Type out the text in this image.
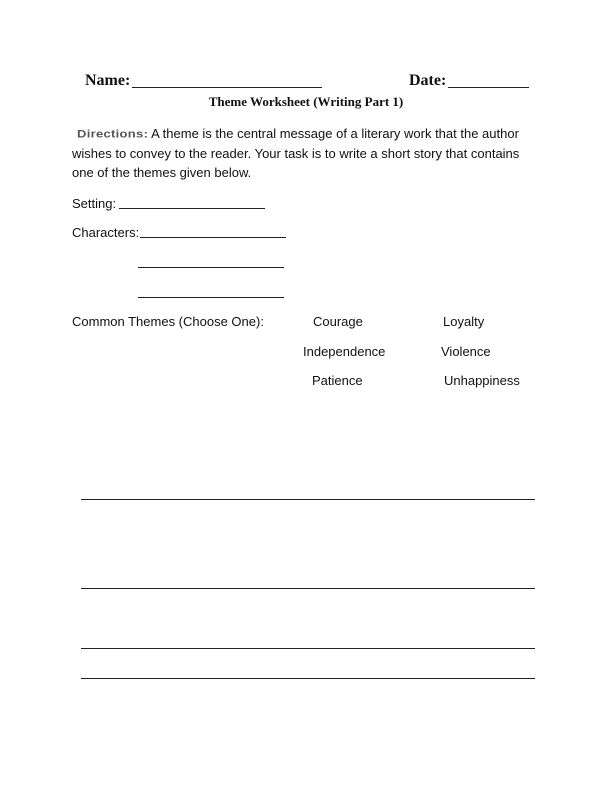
Name:	Date:
Theme Worksheet (Writing Part 1)
Directions: A theme is the central message of a literary work that the author
wishes to convey to the reader. Your task is to write a short story that contains
one of the themes given below.
Setting:
Characters:
Common Themes (Choose One):	Courage	Loyalty
Independence	Violence
Patience	Unhappiness
